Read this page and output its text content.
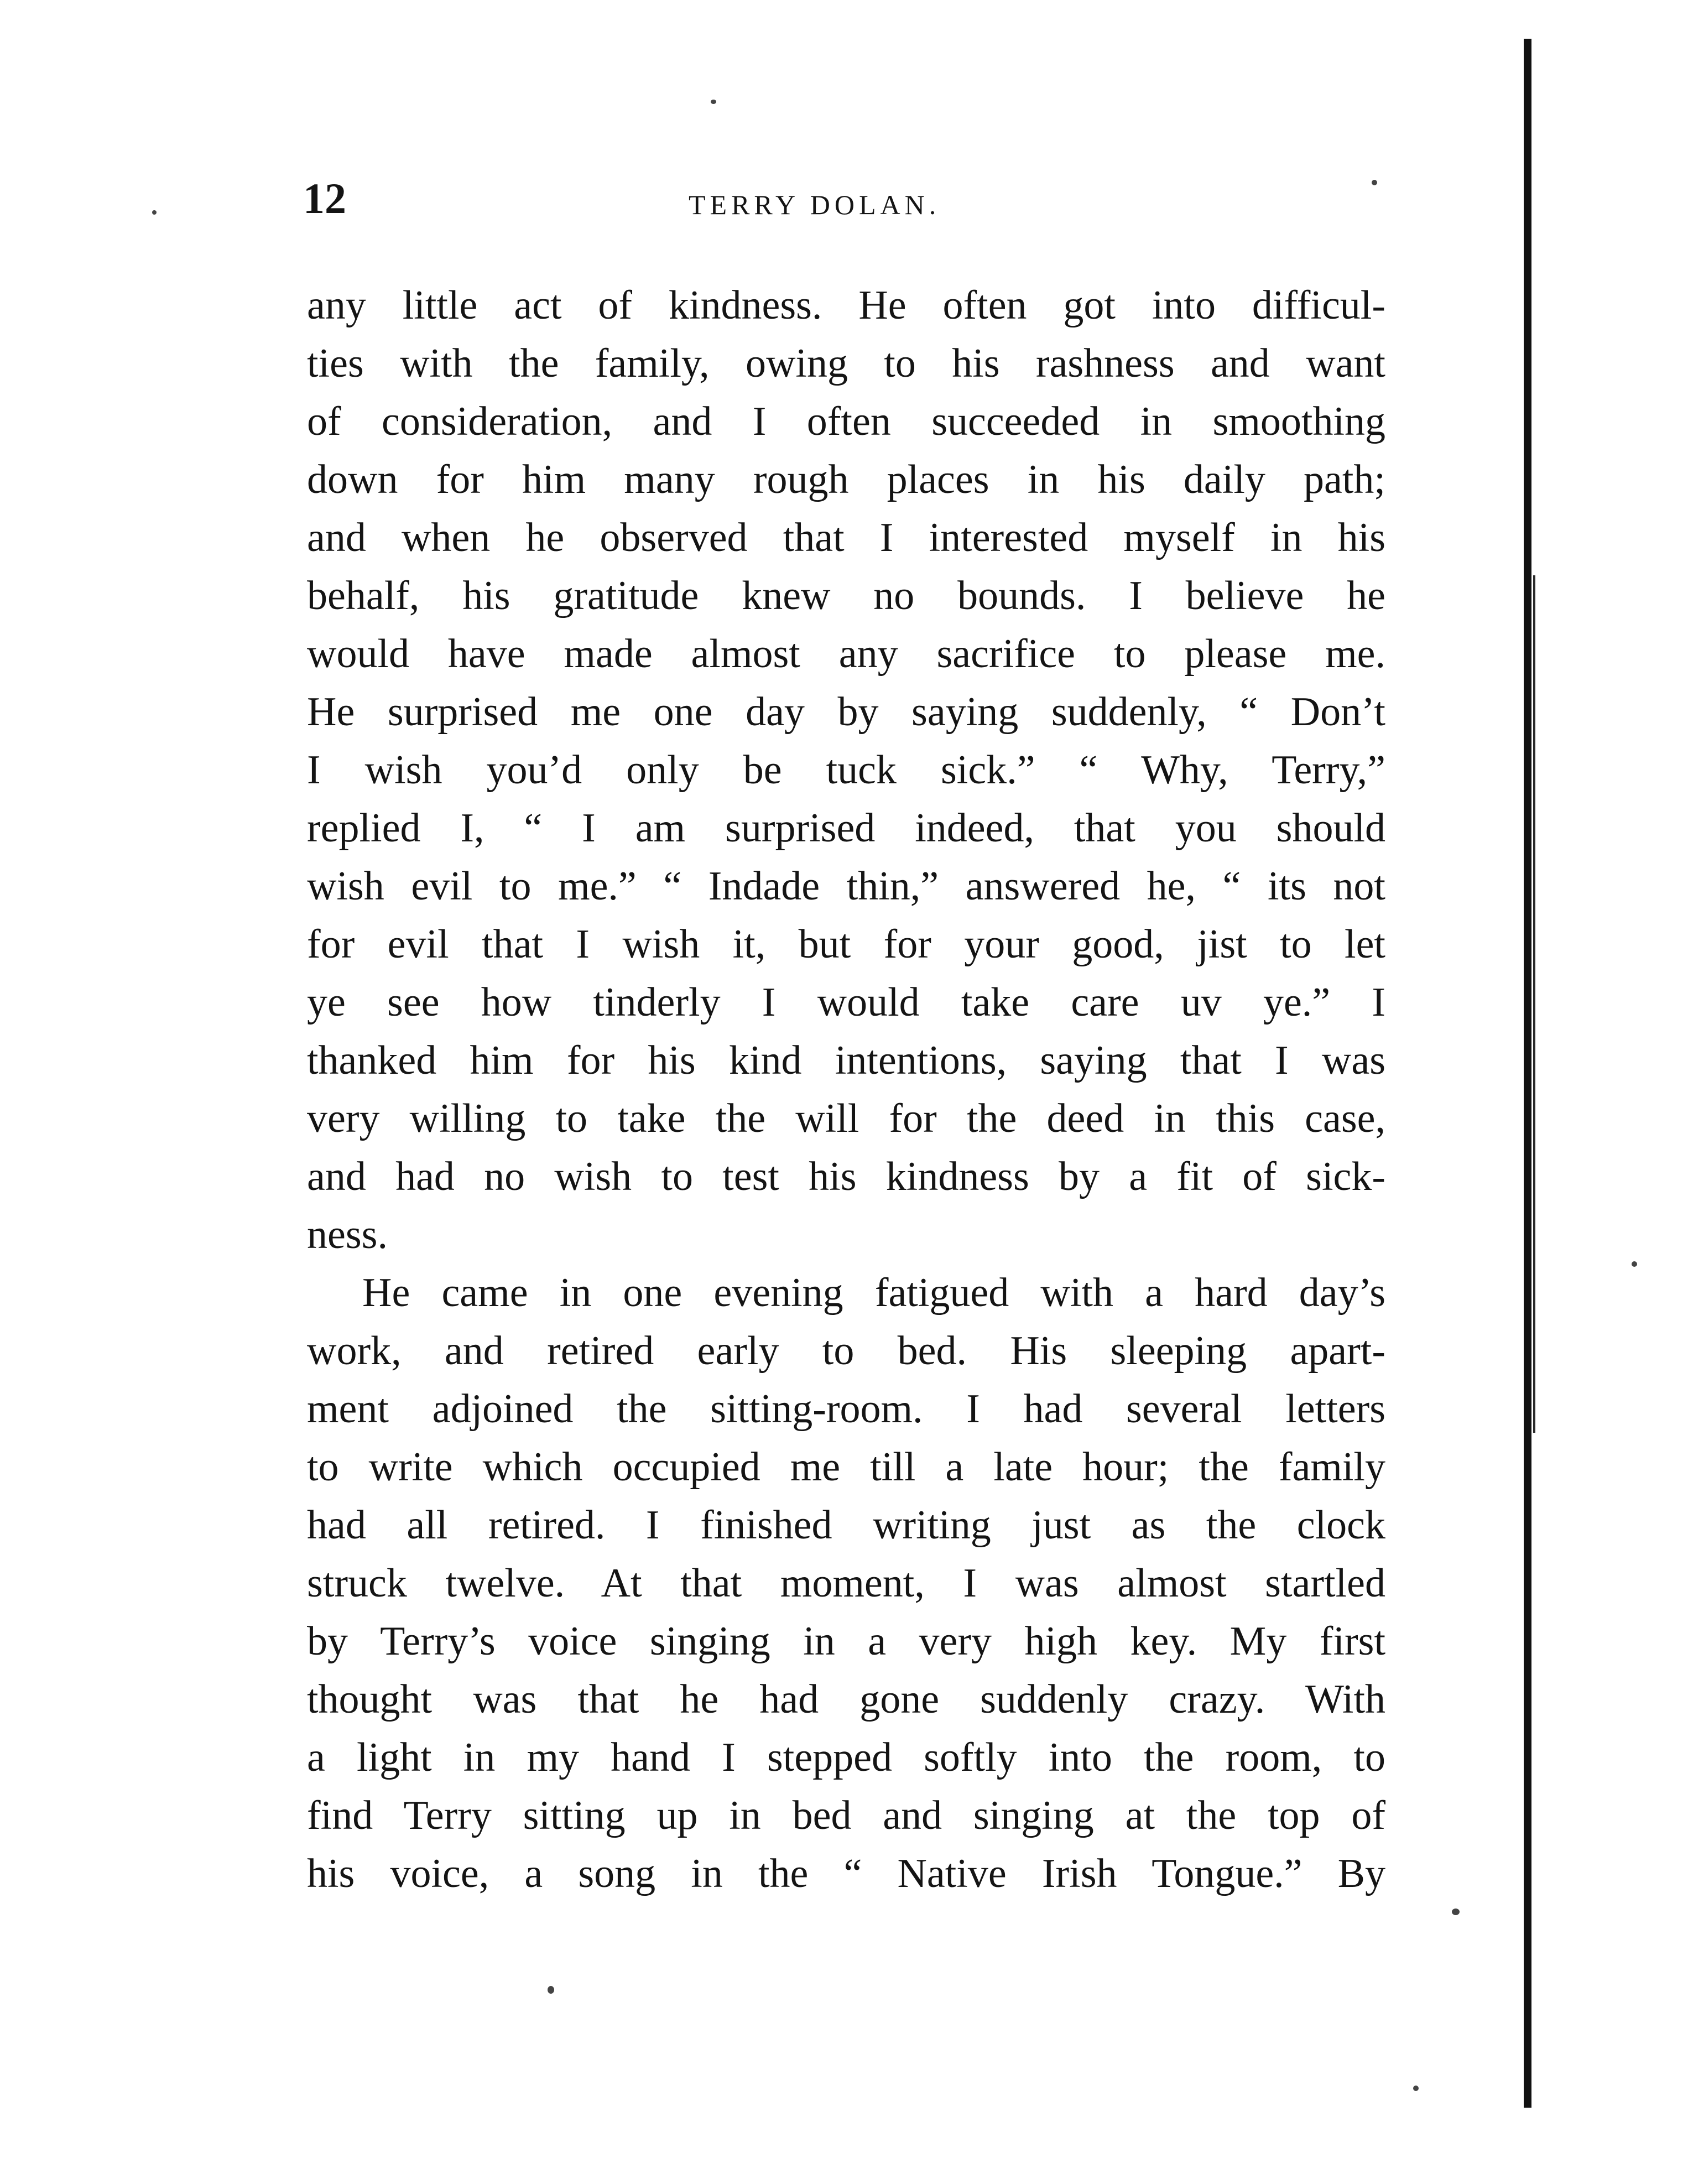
12	TERRY DOLAN.
any little act of kindness. He often got into difficul-
ties with the family, owing to his rashness and want
of consideration, and I often succeeded in smoothing
down for him many rough places in his daily path;
and when he observed that I interested myself in his
behalf, his gratitude knew no bounds. I believe he
would have made almost any sacrifice to please me.
He surprised me one day by saying suddenly, “ Don’t
I wish you’d only be tuck sick.” “ Why, Terry,”
replied I, “ I am surprised indeed, that you should
wish evil to me.” “ Indade thin,” answered he, “ its not
for evil that I wish it, but for your good, jist to let
ye see how tinderly I would take care uv ye.” I
thanked him for his kind intentions, saying that I was
very willing to take the will for the deed in this case,
and had no wish to test his kindness by a fit of sick-
ness.
He came in one evening fatigued with a hard day’s
work, and retired early to bed. His sleeping apart-
ment adjoined the sitting-room. I had several letters
to write which occupied me till a late hour; the family
had all retired. I finished writing just as the clock
struck twelve. At that moment, I was almost startled
by Terry’s voice singing in a very high key. My first
thought was that he had gone suddenly crazy. With
a light in my hand I stepped softly into the room, to
find Terry sitting up in bed and singing at the top of
his voice, a song in the “ Native Irish Tongue.” By
